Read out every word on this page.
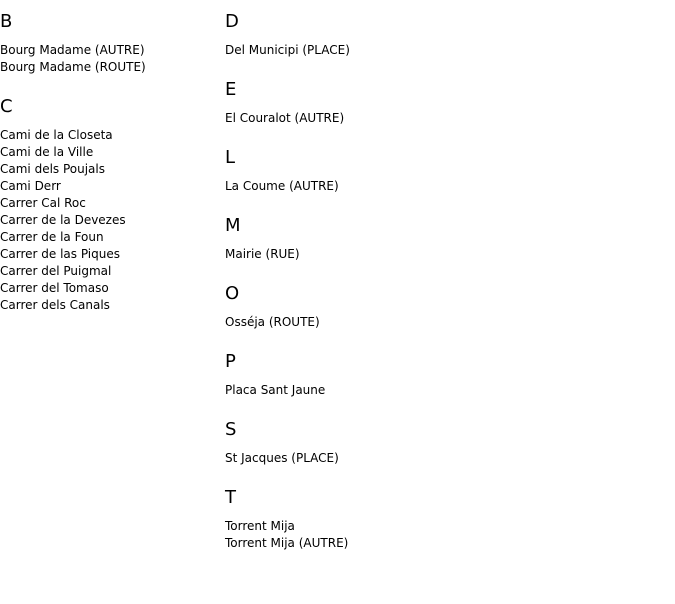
B
Bourg Madame (AUTRE)
Bourg Madame (ROUTE)
C
Cami de la Closeta
Cami de la Ville
Cami dels Poujals
Cami Derr
Carrer Cal Roc
Carrer de la Devezes
Carrer de la Foun
Carrer de las Piques
Carrer del Puigmal
Carrer del Tomaso
Carrer dels Canals
D
Del Municipi (PLACE)
E
El Couralot (AUTRE)
L
La Coume (AUTRE)
M
Mairie (RUE)
O
Osséja (ROUTE)
P
Placa Sant Jaune
S
St Jacques (PLACE)
T
Torrent Mija
Torrent Mija (AUTRE)
